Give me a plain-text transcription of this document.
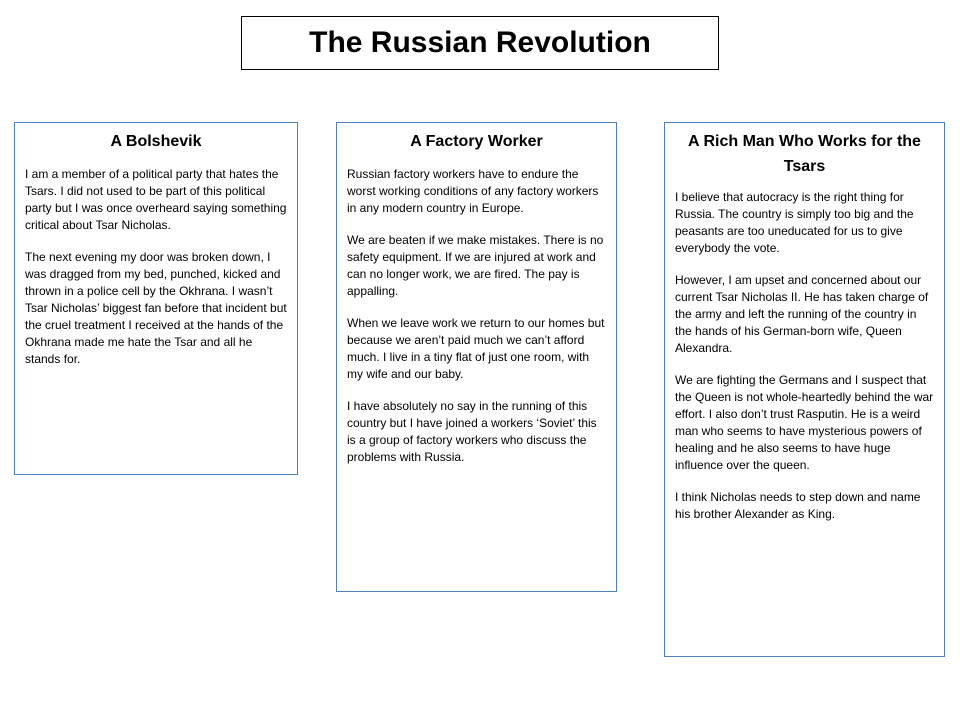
The Russian Revolution
A Bolshevik

I am a member of a political party that hates the Tsars. I did not used to be part of this political party but I was once overheard saying something critical about Tsar Nicholas.

The next evening my door was broken down, I was dragged from my bed, punched, kicked and thrown in a police cell by the Okhrana. I wasn’t Tsar Nicholas’ biggest fan before that incident but the cruel treatment I received at the hands of the Okhrana made me hate the Tsar and all he stands for.

A Factory Worker

Russian factory workers have to endure the worst working conditions of any factory workers in any modern country in Europe.

We are beaten if we make mistakes. There is no safety equipment. If we are injured at work and can no longer work, we are fired. The pay is appalling.

When we leave work we return to our homes but because we aren’t paid much we can’t afford much. I live in a tiny flat of just one room, with my wife and our baby.

I have absolutely no say in the running of this country but I have joined a workers ‘Soviet’ this is a group of factory workers who discuss the problems with Russia.

A Rich Man Who Works for the Tsars

I believe that autocracy is the right thing for Russia. The country is simply too big and the peasants are too uneducated for us to give everybody the vote.

However, I am upset and concerned about our current Tsar Nicholas II. He has taken charge of the army and left the running of the country in the hands of his German-born wife, Queen Alexandra.

We are fighting the Germans and I suspect that the Queen is not whole-heartedly behind the war effort. I also don’t trust Rasputin. He is a weird man who seems to have mysterious powers of healing and he also seems to have huge influence over the queen.

I think Nicholas needs to step down and name his brother Alexander as King.
